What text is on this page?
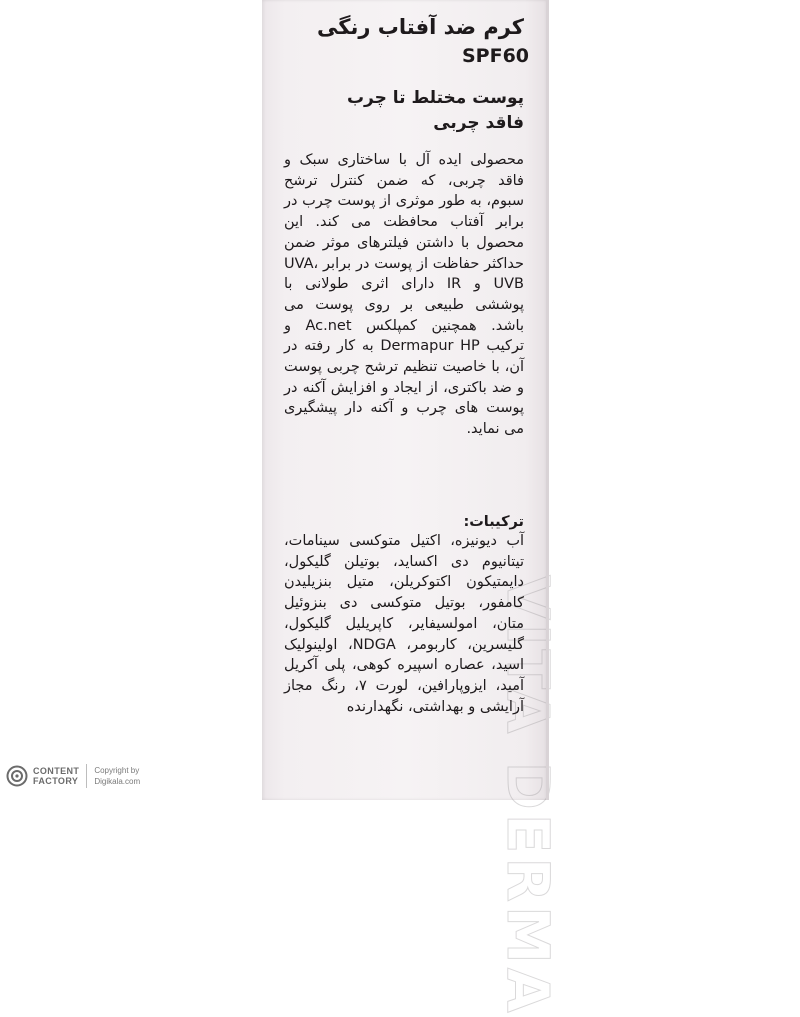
VITA DERMA

کرم ضد آفتاب رنگی

SPF60

پوست مختلط تا چرب
فاقد چربی

محصولی ایده آل با ساختاری سبک و فاقد چربی، که ضمن کنترل ترشح سبوم، به طور موثری از پوست چرب در برابر آفتاب محافظت می کند. این محصول با داشتن فیلترهای موثر ضمن حداکثر حفاظت از پوست در برابر UVA، UVB و IR دارای اثری طولانی با پوششی طبیعی بر روی پوست می باشد. همچنین کمپلکس Ac.net و ترکیب Dermapur HP به کار رفته در آن، با خاصیت تنظیم ترشح چربی پوست و ضد باکتری، از ایجاد و افزایش آکنه در پوست های چرب و آکنه دار پیشگیری می نماید.

ترکیبات:

آب دیونیزه، اکتیل متوکسی سینامات، تیتانیوم دی اکساید، بوتیلن گلیکول، دایمتیکون اکتوکریلن، متیل بنزیلیدن کامفور، بوتیل متوکسی دی بنزوئیل متان، امولسیفایر، کاپریلیل گلیکول، گلیسرین، کاربومر، NDGA، اولینولیک اسید، عصاره اسپیره کوهی، پلی آکریل آمید، ایزوپارافین، لورت ۷، رنگ مجاز آرایشی و بهداشتی، نگهدارنده

CONTENT
FACTORY
Copyright by
Digikala.com
